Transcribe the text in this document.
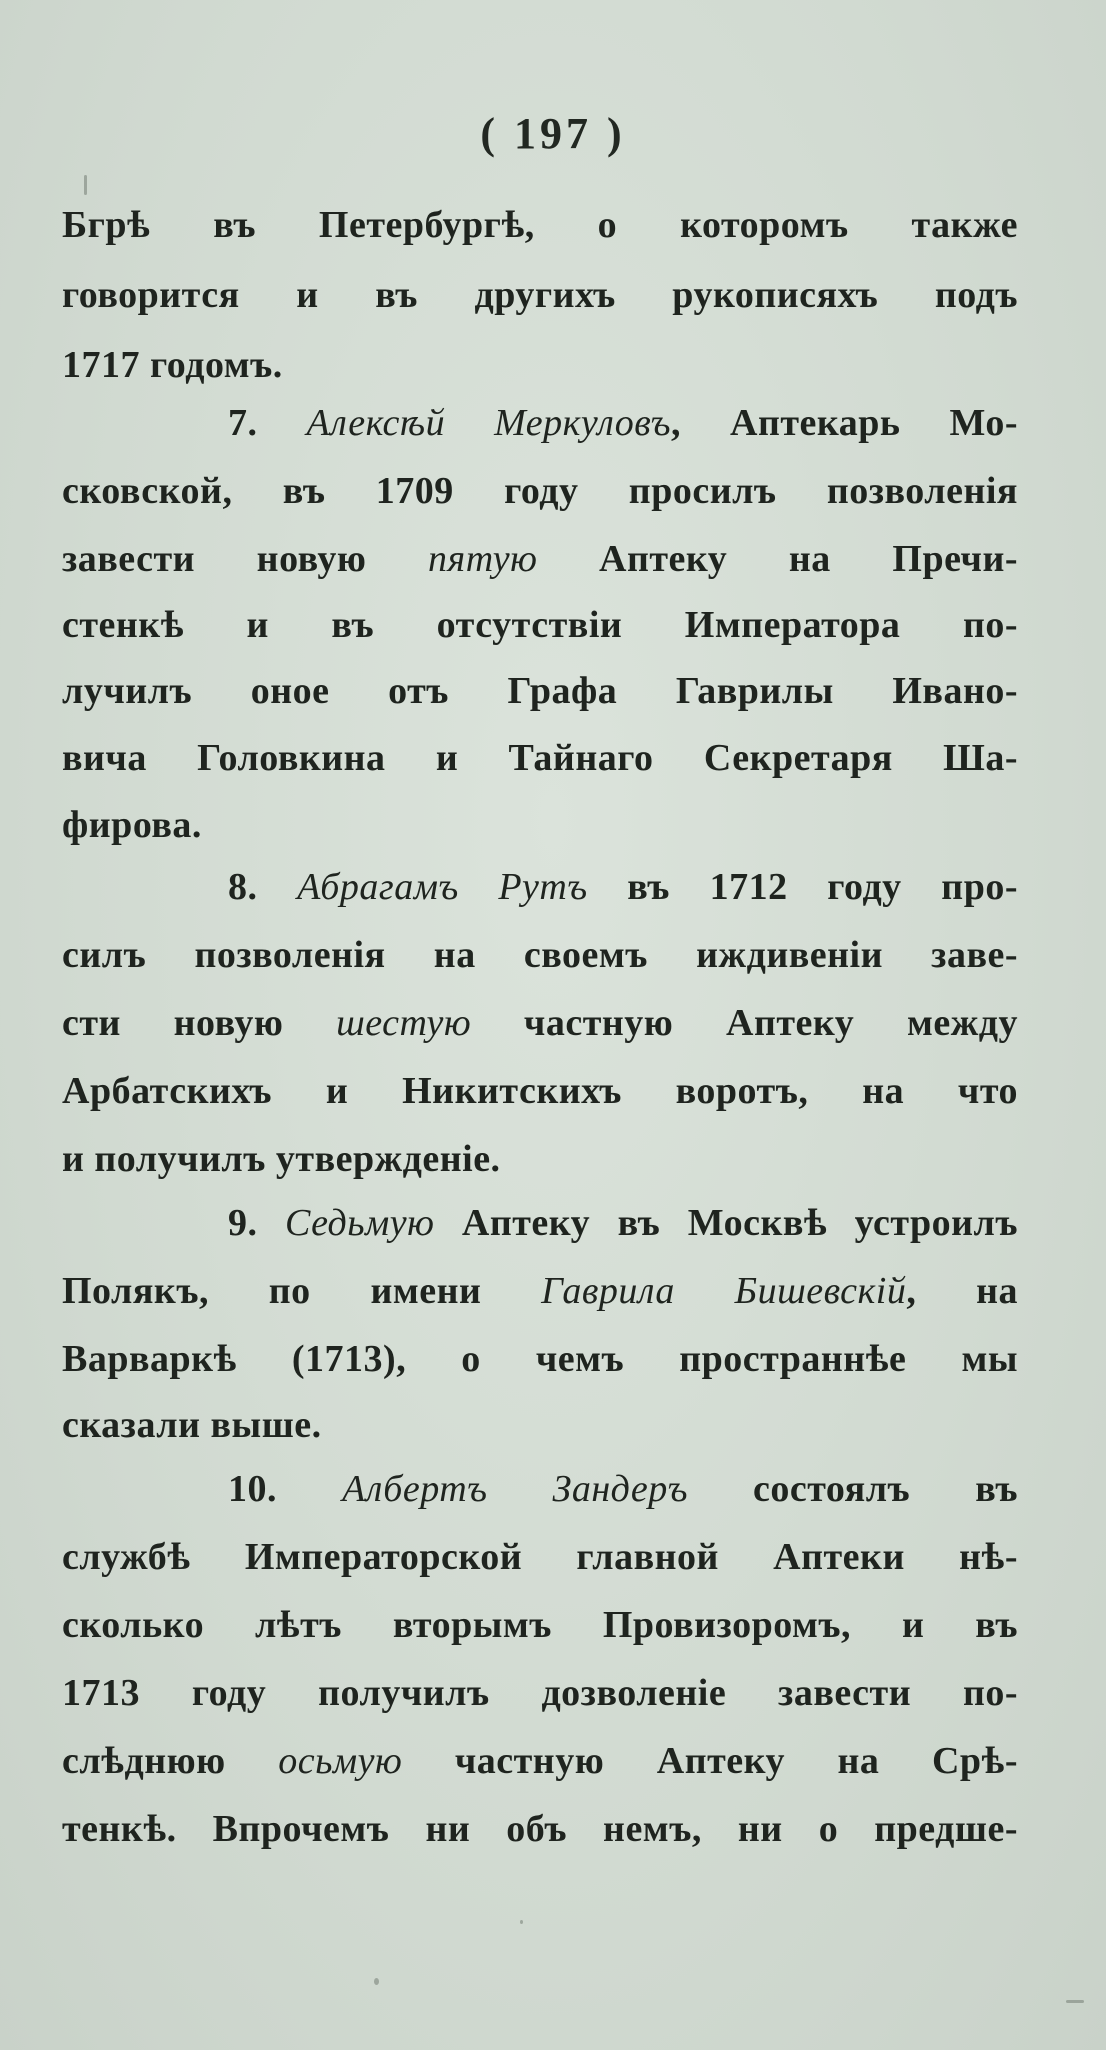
( 197 )
Бгрѣ въ Петербургѣ, о которомъ также
говорится и въ другихъ рукописяхъ подъ
1717 годомъ.
7. Алексѣй Меркуловъ, Аптекарь Мо-
сковской, въ 1709 году просилъ позволенія
завести новую пятую Аптеку на Пречи-
стенкѣ и въ отсутствіи Императора по-
лучилъ оное отъ Графа Гаврилы Ивано-
вича Головкина и Тайнаго Секретаря Ша-
фирова.
8. Абрагамъ Рутъ въ 1712 году про-
силъ позволенія на своемъ иждивеніи заве-
сти новую шестую частную Аптеку между
Арбатскихъ и Никитскихъ воротъ, на что
и получилъ утвержденіе.
9. Седьмую Аптеку въ Москвѣ устроилъ
Полякъ, по имени Гаврила Бишевскій, на
Варваркѣ (1713), о чемъ пространнѣе мы
сказали выше.
10. Албертъ Зандеръ состоялъ въ
службѣ Императорской главной Аптеки нѣ-
сколько лѣтъ вторымъ Провизоромъ, и въ
1713 году получилъ дозволеніе завести по-
слѣднюю осьмую частную Аптеку на Срѣ-
тенкѣ. Впрочемъ ни объ немъ, ни о предше-
